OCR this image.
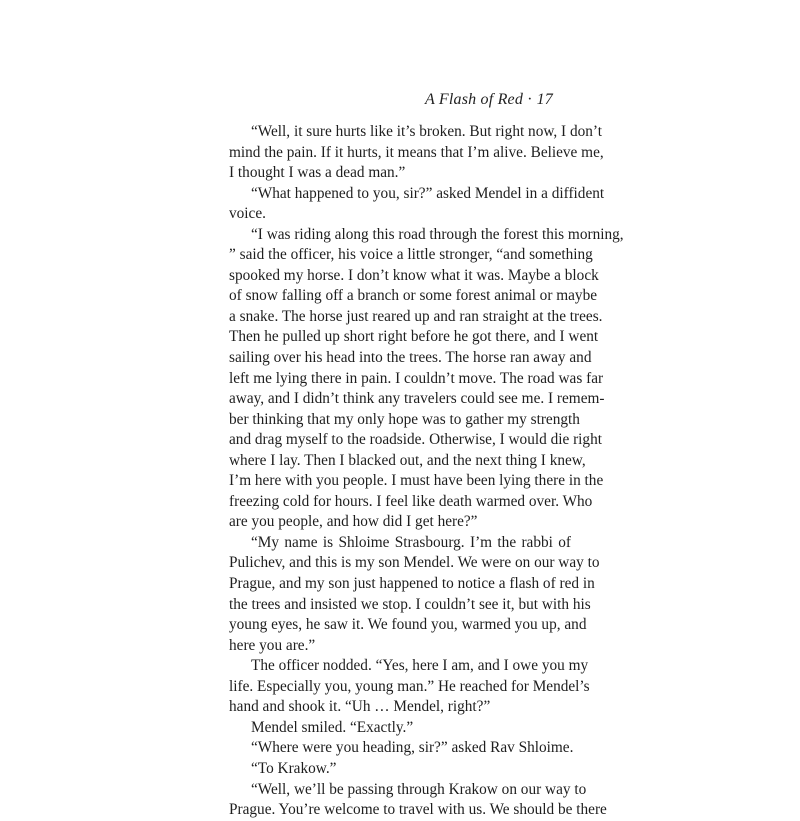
A Flash of Red · 17
“Well, it sure hurts like it’s broken. But right now, I don’t
mind the pain. If it hurts, it means that I’m alive. Believe me,
I thought I was a dead man.”
“What happened to you, sir?” asked Mendel in a diffident
voice.
“I was riding along this road through the forest this morning,
” said the officer, his voice a little stronger, “and something
spooked my horse. I don’t know what it was. Maybe a block
of snow falling off a branch or some forest animal or maybe
a snake. The horse just reared up and ran straight at the trees.
Then he pulled up short right before he got there, and I went
sailing over his head into the trees. The horse ran away and
left me lying there in pain. I couldn’t move. The road was far
away, and I didn’t think any travelers could see me. I remem-
ber thinking that my only hope was to gather my strength
and drag myself to the roadside. Otherwise, I would die right
where I lay. Then I blacked out, and the next thing I knew,
I’m here with you people. I must have been lying there in the
freezing cold for hours. I feel like death warmed over. Who
are you people, and how did I get here?”
“My name is Shloime Strasbourg. I’m the rabbi of
Pulichev, and this is my son Mendel. We were on our way to
Prague, and my son just happened to notice a flash of red in
the trees and insisted we stop. I couldn’t see it, but with his
young eyes, he saw it. We found you, warmed you up, and
here you are.”
The officer nodded. “Yes, here I am, and I owe you my
life. Especially you, young man.” He reached for Mendel’s
hand and shook it. “Uh … Mendel, right?”
Mendel smiled. “Exactly.”
“Where were you heading, sir?” asked Rav Shloime.
“To Krakow.”
“Well, we’ll be passing through Krakow on our way to
Prague. You’re welcome to travel with us. We should be there
